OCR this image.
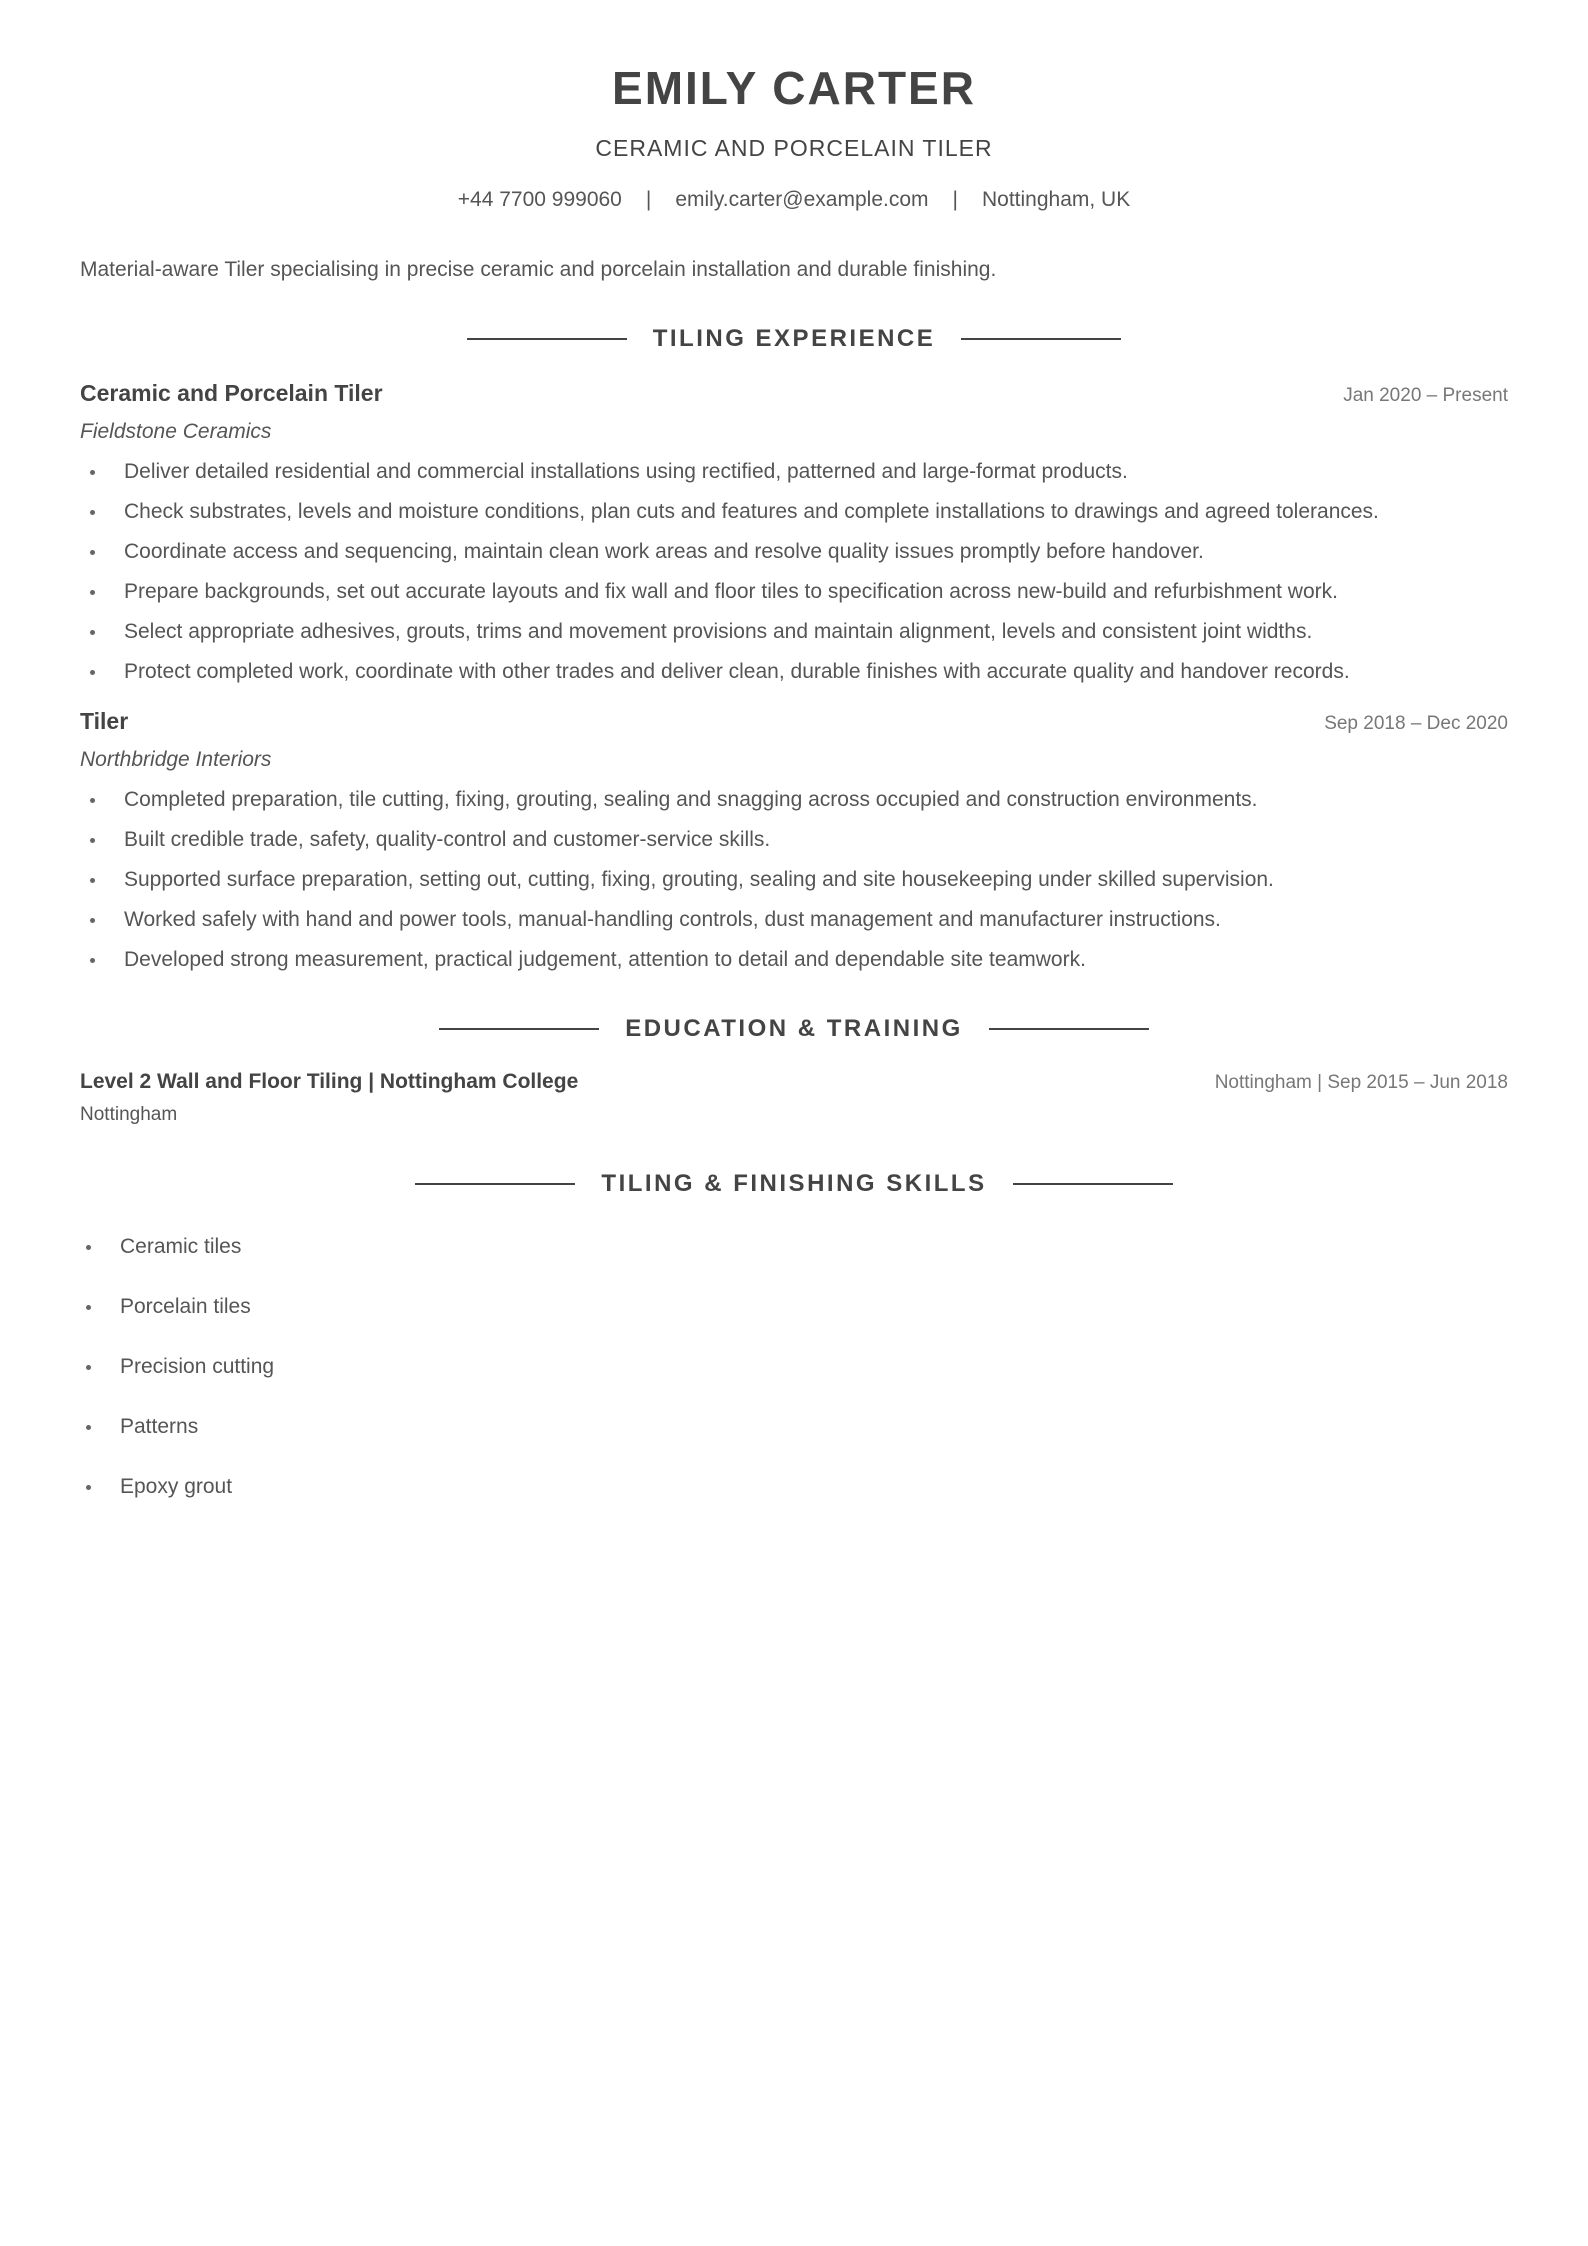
EMILY CARTER
CERAMIC AND PORCELAIN TILER
+44 7700 999060 | emily.carter@example.com | Nottingham, UK
Material-aware Tiler specialising in precise ceramic and porcelain installation and durable finishing.
TILING EXPERIENCE
Ceramic and Porcelain Tiler	Jan 2020 – Present
Fieldstone Ceramics
Deliver detailed residential and commercial installations using rectified, patterned and large-format products.
Check substrates, levels and moisture conditions, plan cuts and features and complete installations to drawings and agreed tolerances.
Coordinate access and sequencing, maintain clean work areas and resolve quality issues promptly before handover.
Prepare backgrounds, set out accurate layouts and fix wall and floor tiles to specification across new-build and refurbishment work.
Select appropriate adhesives, grouts, trims and movement provisions and maintain alignment, levels and consistent joint widths.
Protect completed work, coordinate with other trades and deliver clean, durable finishes with accurate quality and handover records.
Tiler	Sep 2018 – Dec 2020
Northbridge Interiors
Completed preparation, tile cutting, fixing, grouting, sealing and snagging across occupied and construction environments.
Built credible trade, safety, quality-control and customer-service skills.
Supported surface preparation, setting out, cutting, fixing, grouting, sealing and site housekeeping under skilled supervision.
Worked safely with hand and power tools, manual-handling controls, dust management and manufacturer instructions.
Developed strong measurement, practical judgement, attention to detail and dependable site teamwork.
EDUCATION & TRAINING
Level 2 Wall and Floor Tiling | Nottingham College	Nottingham | Sep 2015 – Jun 2018
Nottingham
TILING & FINISHING SKILLS
Ceramic tiles
Porcelain tiles
Precision cutting
Patterns
Epoxy grout
